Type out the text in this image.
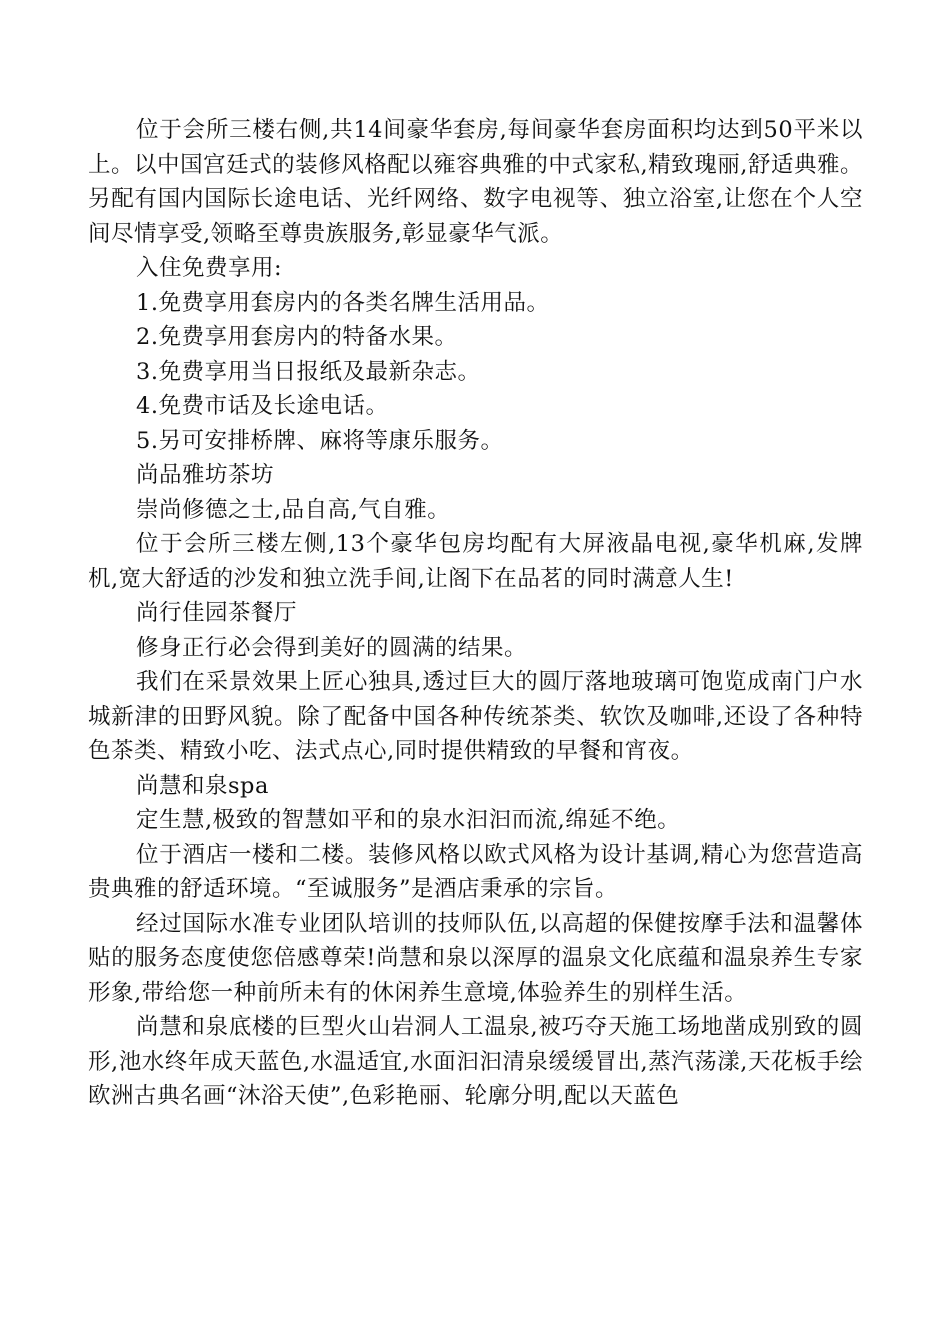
位于会所三楼右侧,共14间豪华套房,每间豪华套房面积均达到50平米以上。以中国宫廷式的装修风格配以雍容典雅的中式家私,精致瑰丽,舒适典雅。另配有国内国际长途电话、光纤网络、数字电视等、独立浴室,让您在个人空间尽情享受,领略至尊贵族服务,彰显豪华气派。

入住免费享用:

1.免费享用套房内的各类名牌生活用品。

2.免费享用套房内的特备水果。

3.免费享用当日报纸及最新杂志。

4.免费市话及长途电话。

5.另可安排桥牌、麻将等康乐服务。

尚品雅坊茶坊

崇尚修德之士,品自高,气自雅。

位于会所三楼左侧,13个豪华包房均配有大屏液晶电视,豪华机麻,发牌机,宽大舒适的沙发和独立洗手间,让阁下在品茗的同时满意人生!

尚行佳园茶餐厅

修身正行必会得到美好的圆满的结果。

我们在采景效果上匠心独具,透过巨大的圆厅落地玻璃可饱览成南门户水城新津的田野风貌。除了配备中国各种传统茶类、软饮及咖啡,还设了各种特色茶类、精致小吃、法式点心,同时提供精致的早餐和宵夜。

尚慧和泉spa

定生慧,极致的智慧如平和的泉水汩汩而流,绵延不绝。

位于酒店一楼和二楼。装修风格以欧式风格为设计基调,精心为您营造高贵典雅的舒适环境。“至诚服务”是酒店秉承的宗旨。

经过国际水准专业团队培训的技师队伍,以高超的保健按摩手法和温馨体贴的服务态度使您倍感尊荣!尚慧和泉以深厚的温泉文化底蕴和温泉养生专家形象,带给您一种前所未有的休闲养生意境,体验养生的别样生活。

尚慧和泉底楼的巨型火山岩洞人工温泉,被巧夺天施工场地凿成别致的圆形,池水终年成天蓝色,水温适宜,水面汩汩清泉缓缓冒出,蒸汽荡漾,天花板手绘欧洲古典名画“沐浴天使”,色彩艳丽、轮廓分明,配以天蓝色
